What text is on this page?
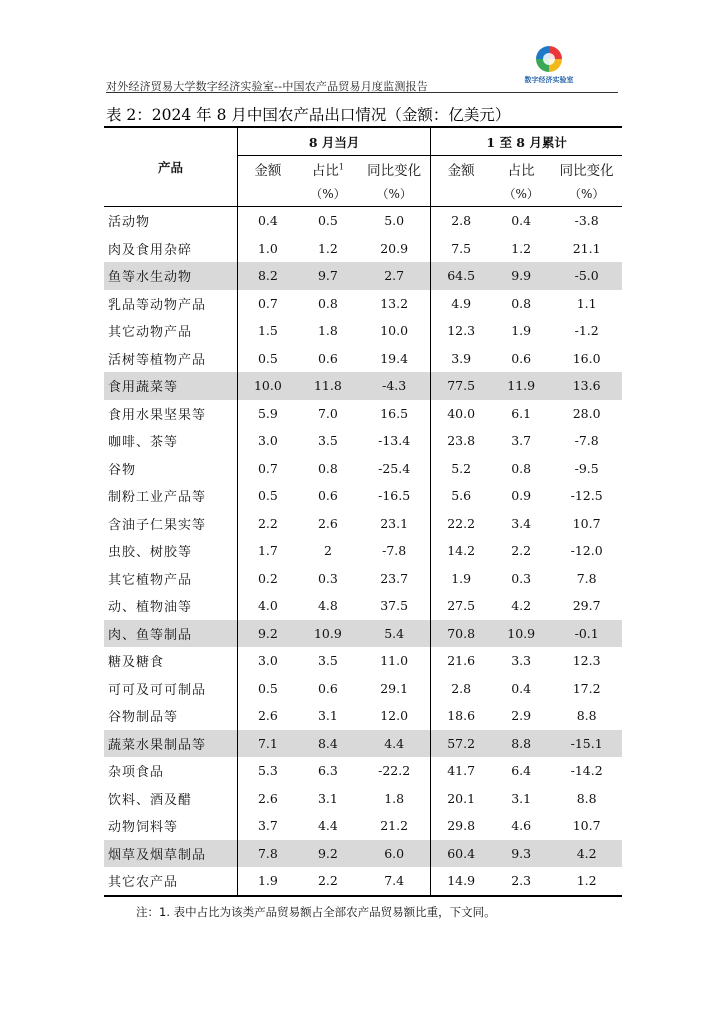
对外经济贸易大学数字经济实验室--中国农产品贸易月度监测报告	数字经济实验室
表 2：2024 年 8 月中国农产品出口情况（金额：亿美元）
产品	8 月当月			1 至 8 月累计		
	金额	占比$^1$	同比变化	金额	占比	同比变化
		（%）	（%）		（%）	（%）
活动物	0.4	0.5	5.0	2.8	0.4	-3.8
肉及食用杂碎	1.0	1.2	20.9	7.5	1.2	21.1
鱼等水生动物	8.2	9.7	2.7	64.5	9.9	-5.0
乳品等动物产品	0.7	0.8	13.2	4.9	0.8	1.1
其它动物产品	1.5	1.8	10.0	12.3	1.9	-1.2
活树等植物产品	0.5	0.6	19.4	3.9	0.6	16.0
食用蔬菜等	10.0	11.8	-4.3	77.5	11.9	13.6
食用水果坚果等	5.9	7.0	16.5	40.0	6.1	28.0
咖啡、茶等	3.0	3.5	-13.4	23.8	3.7	-7.8
谷物	0.7	0.8	-25.4	5.2	0.8	-9.5
制粉工业产品等	0.5	0.6	-16.5	5.6	0.9	-12.5
含油子仁果实等	2.2	2.6	23.1	22.2	3.4	10.7
虫胶、树胶等	1.7	2	-7.8	14.2	2.2	-12.0
其它植物产品	0.2	0.3	23.7	1.9	0.3	7.8
动、植物油等	4.0	4.8	37.5	27.5	4.2	29.7
肉、鱼等制品	9.2	10.9	5.4	70.8	10.9	-0.1
糖及糖食	3.0	3.5	11.0	21.6	3.3	12.3
可可及可可制品	0.5	0.6	29.1	2.8	0.4	17.2
谷物制品等	2.6	3.1	12.0	18.6	2.9	8.8
蔬菜水果制品等	7.1	8.4	4.4	57.2	8.8	-15.1
杂项食品	5.3	6.3	-22.2	41.7	6.4	-14.2
饮料、酒及醋	2.6	3.1	1.8	20.1	3.1	8.8
动物饲料等	3.7	4.4	21.2	29.8	4.6	10.7
烟草及烟草制品	7.8	9.2	6.0	60.4	9.3	4.2
其它农产品	1.9	2.2	7.4	14.9	2.3	1.2
注：1. 表中占比为该类产品贸易额占全部农产品贸易额比重，下文同。
